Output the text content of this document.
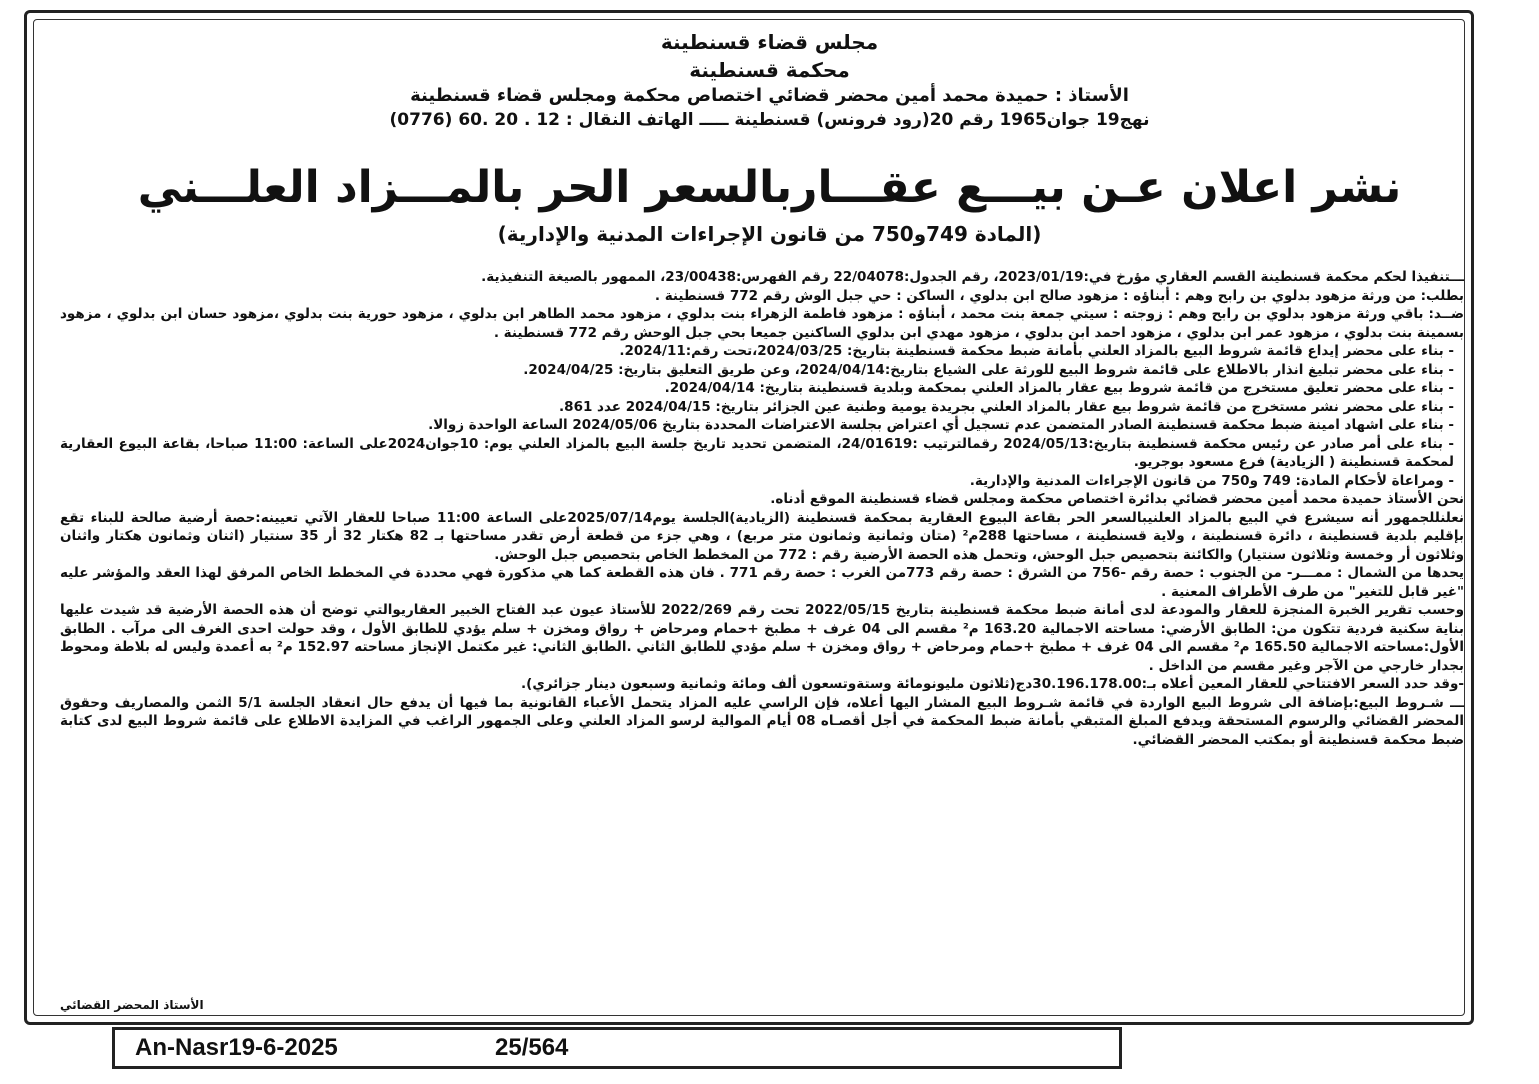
مجلس قضاء قسنطينة
محكمة قسنطينة
الأستاذ : حميدة محمد أمين محضر قضائي اختصاص محكمة ومجلس قضاء قسنطينة
نهج19 جوان1965 رقم 20(رود فرونس) قسنطينة ـــــ الهاتف النقال : 12 . 20 .60 (0776)
نشر اعلان عـن بيـــع عقـــاربالسعر الحر بالمـــزاد العلـــني
(المادة 749و750 من قانون الإجراءات المدنية والإدارية)

ـــتنفيذا لحكم محكمة قسنطينة القسم العقاري مؤرخ في:2023/01/19، رقم الجدول:22/04078 رقم الفهرس:23/00438، الممهور بالصيغة التنفيذية.

بطلب: من ورثة مزهود بدلوي بن رابح وهم : أبناؤه : مزهود صالح ابن بدلوي ، الساكن : حي جبل الوش رقم 772 قسنطينة .

ضــد: باقي ورثة مزهود بدلوي بن رابح وهم : زوجته : سيتي جمعة بنت محمد ، أبناؤه : مزهود فاطمة الزهراء بنت بدلوي ، مزهود محمد الطاهر ابن بدلوي ، مزهود حورية بنت بدلوي ،مزهود حسان ابن بدلوي ، مزهود بسمينة بنت بدلوي ، مزهود عمر ابن بدلوي ، مزهود احمد ابن بدلوي ، مزهود مهدي ابن بدلوي الساكنين جميعا بحي جبل الوحش رقم 772 قسنطينة .

- بناء على محضر إيداع قائمة شروط البيع بالمزاد العلني بأمانة ضبط محكمة قسنطينة بتاريخ: 2024/03/25،تحت رقم:2024/11.

- بناء على محضر تبليغ انذار بالاطلاع على قائمة شروط البيع للورثة على الشياع بتاريخ:2024/04/14، وعن طريق التعليق بتاريخ: 2024/04/25.

- بناء على محضر تعليق مستخرج من قائمة شروط بيع عقار بالمزاد العلني بمحكمة وبلدية قسنطينة بتاريخ: 2024/04/14.

- بناء على محضر نشر مستخرج من قائمة شروط بيع عقار بالمزاد العلني بجريدة يومية وطنية عين الجزائر بتاريخ: 2024/04/15 عدد 861.

- بناء على اشهاد امينة ضبط محكمة قسنطينة الصادر المتضمن عدم تسجيل أي اعتراض بجلسة الاعتراضات المحددة بتاريخ 2024/05/06 الساعة الواحدة زوالا.

- بناء على أمر صادر عن رئيس محكمة قسنطينة بتاريخ:2024/05/13 رقمالترتيب :24/01619، المتضمن تحديد تاريخ جلسة البيع بالمزاد العلني يوم: 10جوان2024على الساعة: 11:00 صباحا، بقاعة البيوع العقارية لمحكمة قسنطينة ( الزيادية) فرع مسعود بوجريو.

- ومراعاة لأحكام المادة: 749 و750 من قانون الإجراءات المدنية والإدارية.

نحن الأستاذ حميدة محمد أمين محضر قضائي بدائرة اختصاص محكمة ومجلس قضاء قسنطينة الموقع أدناه.

نعلنللجمهور أنه سيشرع في البيع بالمزاد العلنيبالسعر الحر بقاعة البيوع العقارية بمحكمة قسنطينة (الزيادية)الجلسة يوم2025/07/14على الساعة 11:00 صباحا للعقار الآتي تعيينه:حصة أرضية صالحة للبناء تقع بإقليم بلدية قسنطينة ، دائرة قسنطينة ، ولاية قسنطينة ، مساحتها 288م² (متان وثمانية وثمانون متر مربع) ، وهي جزء من قطعة أرض تقدر مساحتها بـ 82 هكتار 32 أر 35 سنتيار (اثنان وثمانون هكتار واثنان وثلاثون أر وخمسة وثلاثون سنتيار) والكائنة بتحصيص جبل الوحش، وتحمل هذه الحصة الأرضية رقم : 772 من المخطط الخاص بتحصيص جبل الوحش.

يحدها من الشمال : ممـــر- من الجنوب : حصة رقم -756 من الشرق : حصة رقم 773من الغرب : حصة رقم 771 . فان هذه القطعة كما هي مذكورة فهي محددة في المخطط الخاص المرفق لهذا العقد والمؤشر عليه "غير قابل للتغير" من طرف الأطراف المعنية .

وحسب تقرير الخبرة المنجزة للعقار والمودعة لدى أمانة ضبط محكمة قسنطينة بتاريخ 2022/05/15 تحت رقم 2022/269 للأستاذ عيون عبد الفتاح الخبير العقاريوالتي توضح أن هذه الحصة الأرضية قد شيدت عليها بناية سكنية فردية تتكون من: الطابق الأرضي: مساحته الاجمالية 163.20 م² مقسم الى 04 غرف + مطبخ +حمام ومرحاض + رواق ومخزن + سلم يؤدي للطابق الأول ، وقد حولت احدى الغرف الى مرآب . الطابق الأول:مساحته الاجمالية 165.50 م² مقسم الى 04 غرف + مطبخ +حمام ومرحاض + رواق ومخزن + سلم مؤدي للطابق الثاني .الطابق الثاني: غير مكتمل الإنجاز مساحته 152.97 م² به أعمدة وليس له بلاطة ومحوط بجدار خارجي من الآجر وغير مقسم من الداخل .

-وقد حدد السعر الافتتاحي للعقار المعين أعلاه بـ:30.196.178.00دج(ثلاثون مليونومائة وستةوتسعون ألف ومائة وثمانية وسبعون دينار جزائري).

ـــ شـروط البيع:بإضافة الى شروط البيع الواردة في قائمة شـروط البيع المشار اليها أعلاه، فإن الراسي عليه المزاد يتحمل الأعباء القانونية بما فيها أن يدفع حال انعقاد الجلسة 5/1 الثمن والمصاريف وحقوق المحضر القضائي والرسوم المستحقة ويدفع المبلغ المتبقي بأمانة ضبط المحكمة في أجل أقصـاه 08 أيام الموالية لرسو المزاد العلني وعلى الجمهور الراغب في المزايدة الاطلاع على قائمة شروط البيع لدى كتابة ضبط محكمة قسنطينة أو بمكتب المحضر القضائي.

الأستاذ المحضر القضائي
An-Nasr19-6-2025	25/564
